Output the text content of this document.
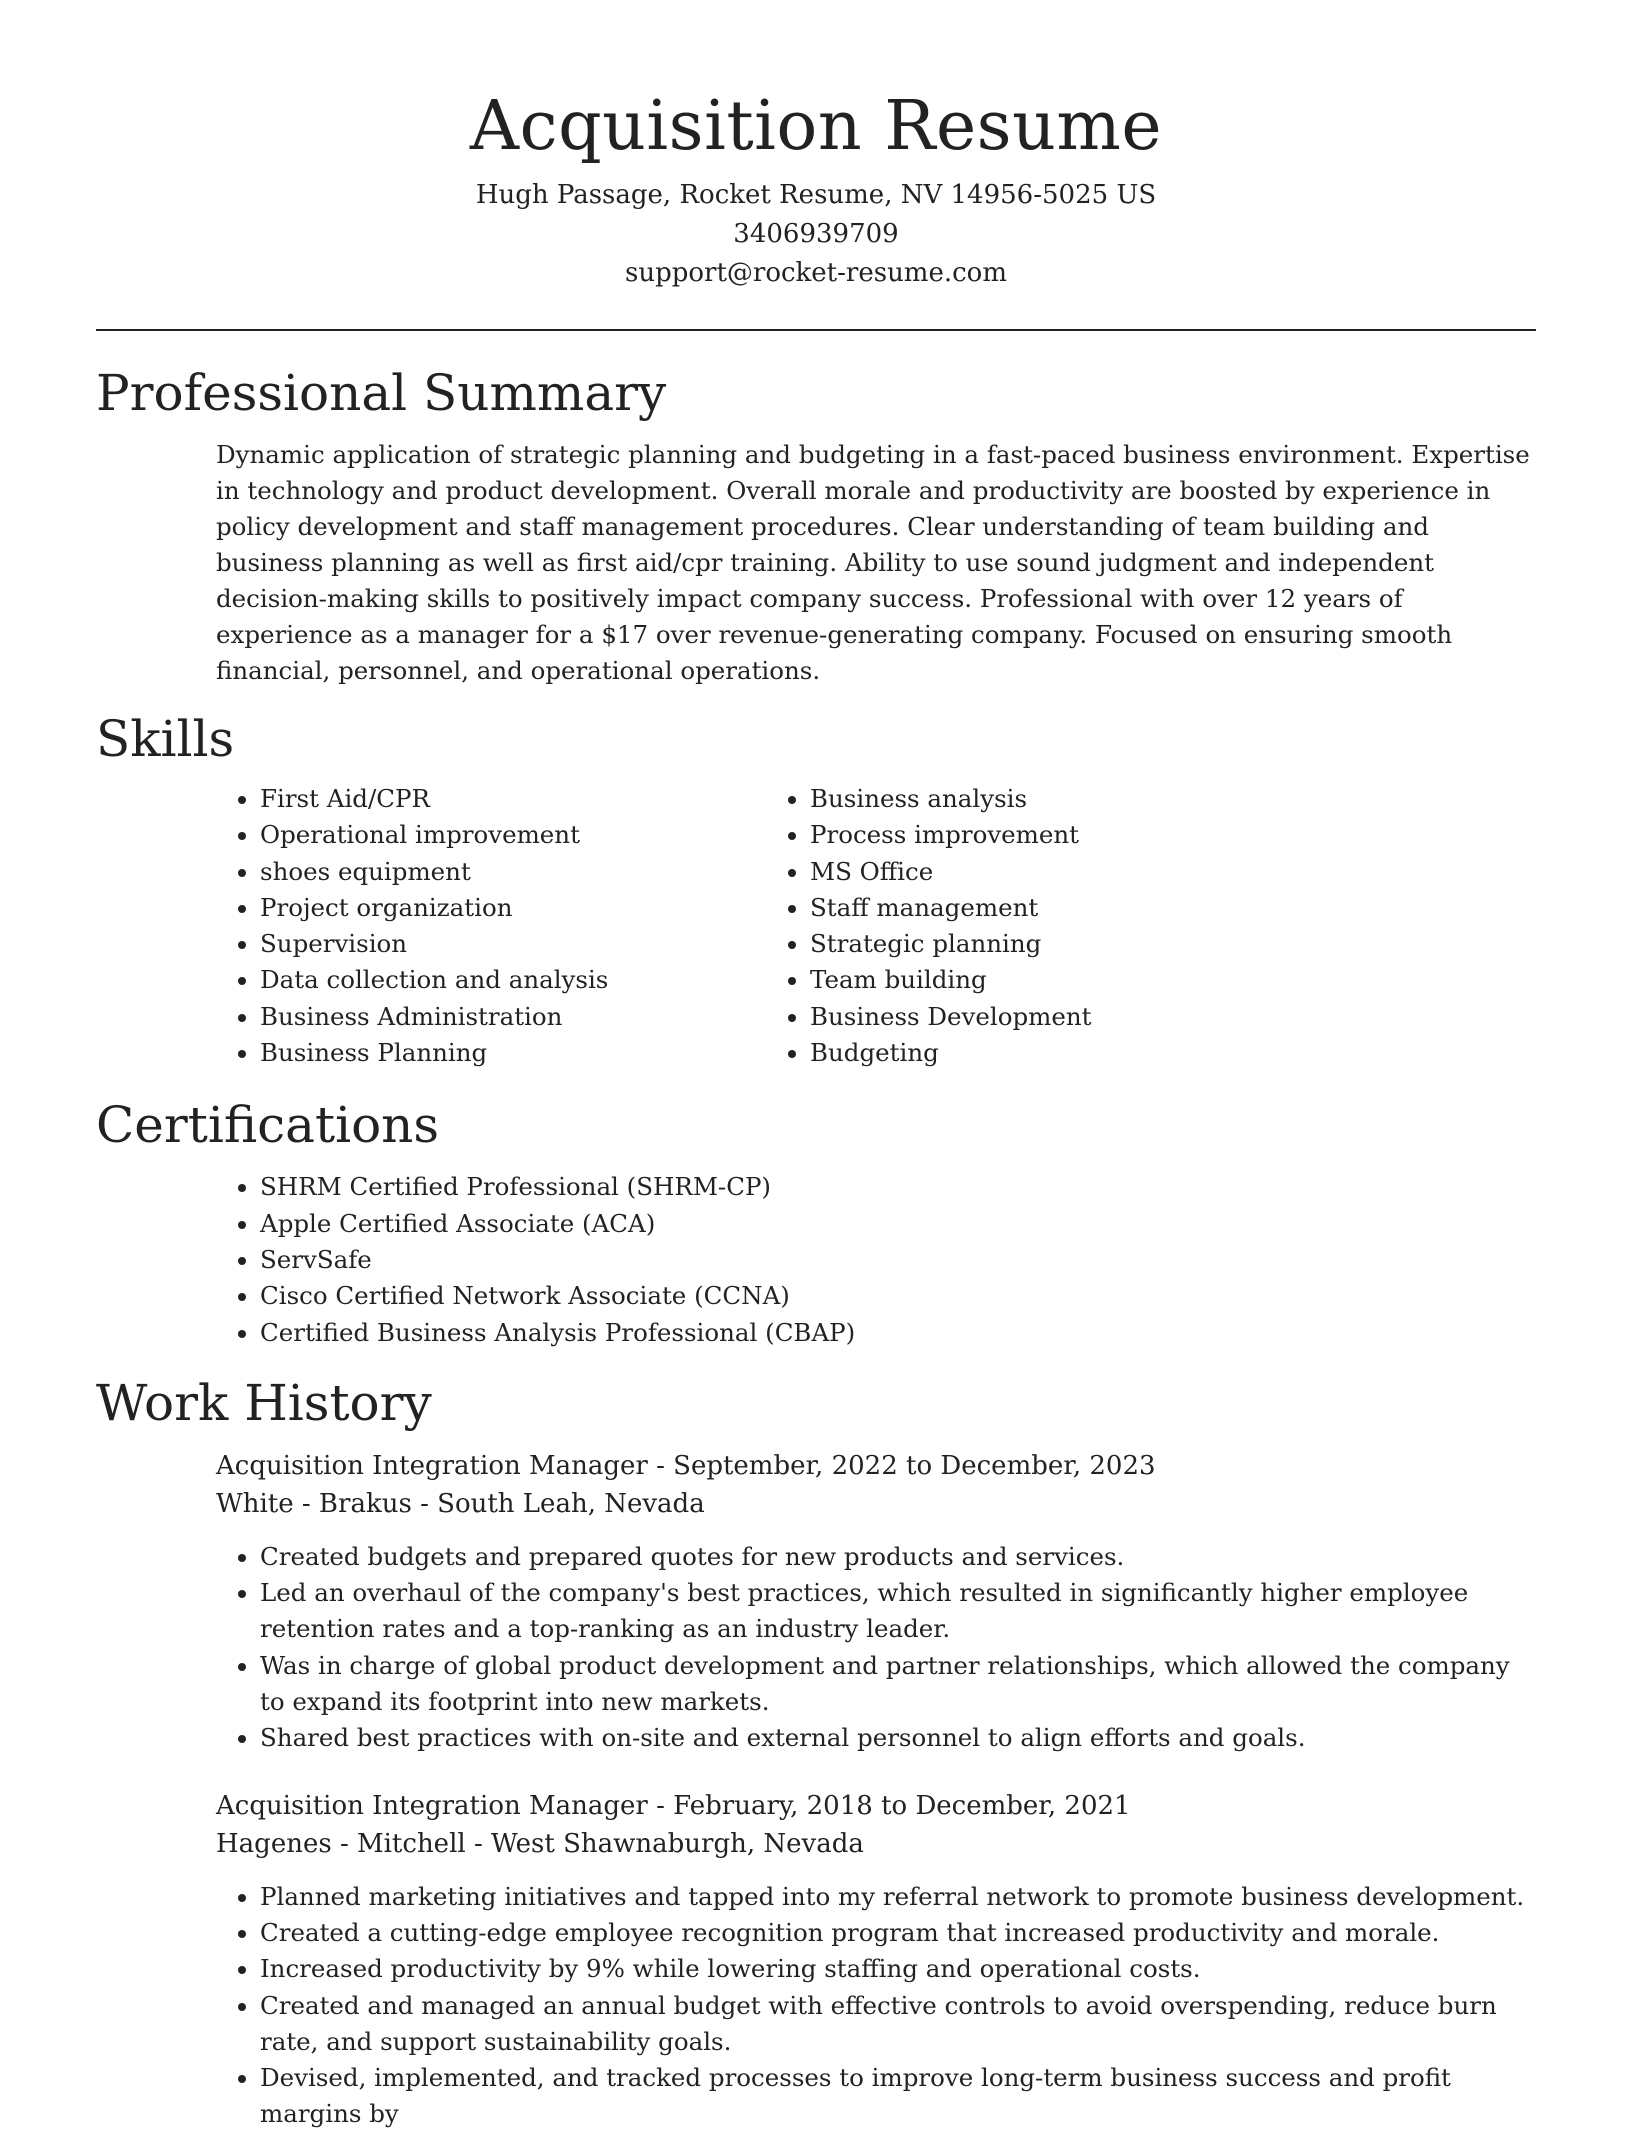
Acquisition Resume
Hugh Passage, Rocket Resume, NV 14956-5025 US
3406939709
support@rocket-resume.com
Professional Summary

Dynamic application of strategic planning and budgeting in a fast-paced business environment. Expertise in technology and product development. Overall morale and productivity are boosted by experience in policy development and staff management procedures. Clear understanding of team building and business planning as well as first aid/cpr training. Ability to use sound judgment and independent decision-making skills to positively impact company success. Professional with over 12 years of experience as a manager for a $17 over revenue-generating company. Focused on ensuring smooth financial, personnel, and operational operations.

Skills
• First Aid/CPR
• Operational improvement
• shoes equipment
• Project organization
• Supervision
• Data collection and analysis
• Business Administration
• Business Planning
• Business analysis
• Process improvement
• MS Office
• Staff management
• Strategic planning
• Team building
• Business Development
• Budgeting
Certifications
• SHRM Certified Professional (SHRM-CP)
• Apple Certified Associate (ACA)
• ServSafe
• Cisco Certified Network Associate (CCNA)
• Certified Business Analysis Professional (CBAP)
Work History
Acquisition Integration Manager - September, 2022 to December, 2023
White - Brakus - South Leah, Nevada
• Created budgets and prepared quotes for new products and services.
• Led an overhaul of the company's best practices, which resulted in significantly higher employee retention rates and a top-ranking as an industry leader.
• Was in charge of global product development and partner relationships, which allowed the company to expand its footprint into new markets.
• Shared best practices with on-site and external personnel to align efforts and goals.
Acquisition Integration Manager - February, 2018 to December, 2021
Hagenes - Mitchell - West Shawnaburgh, Nevada
• Planned marketing initiatives and tapped into my referral network to promote business development.
• Created a cutting-edge employee recognition program that increased productivity and morale.
• Increased productivity by 9% while lowering staffing and operational costs.
• Created and managed an annual budget with effective controls to avoid overspending, reduce burn rate, and support sustainability goals.
• Devised, implemented, and tracked processes to improve long-term business success and profit margins by
